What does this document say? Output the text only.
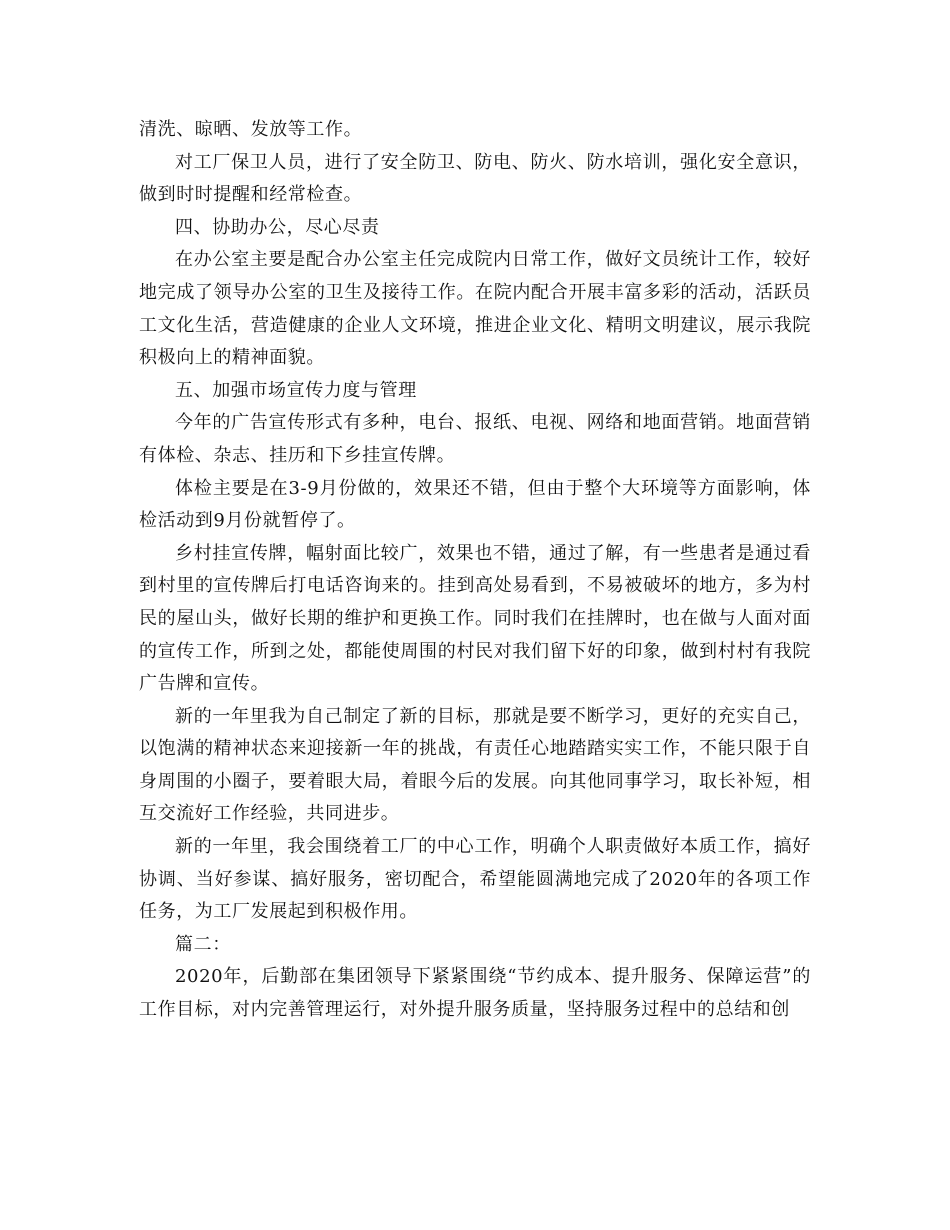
清洗、晾晒、发放等工作。

对工厂保卫人员，进行了安全防卫、防电、防火、防水培训，强化安全意识，做到时时提醒和经常检查。

四、协助办公，尽心尽责

在办公室主要是配合办公室主任完成院内日常工作，做好文员统计工作，较好地完成了领导办公室的卫生及接待工作。在院内配合开展丰富多彩的活动，活跃员工文化生活，营造健康的企业人文环境，推进企业文化、精明文明建议，展示我院积极向上的精神面貌。

五、加强市场宣传力度与管理

今年的广告宣传形式有多种，电台、报纸、电视、网络和地面营销。地面营销有体检、杂志、挂历和下乡挂宣传牌。

体检主要是在3-9月份做的，效果还不错，但由于整个大环境等方面影响，体检活动到9月份就暂停了。

乡村挂宣传牌，幅射面比较广，效果也不错，通过了解，有一些患者是通过看到村里的宣传牌后打电话咨询来的。挂到高处易看到，不易被破坏的地方，多为村民的屋山头，做好长期的维护和更换工作。同时我们在挂牌时，也在做与人面对面的宣传工作，所到之处，都能使周围的村民对我们留下好的印象，做到村村有我院广告牌和宣传。

新的一年里我为自己制定了新的目标，那就是要不断学习，更好的充实自己，以饱满的精神状态来迎接新一年的挑战，有责任心地踏踏实实工作，不能只限于自身周围的小圈子，要着眼大局，着眼今后的发展。向其他同事学习，取长补短，相互交流好工作经验，共同进步。

新的一年里，我会围绕着工厂的中心工作，明确个人职责做好本质工作，搞好协调、当好参谋、搞好服务，密切配合，希望能圆满地完成了2020年的各项工作任务，为工厂发展起到积极作用。

篇二：

2020年，后勤部在集团领导下紧紧围绕“节约成本、提升服务、保障运营”的工作目标，对内完善管理运行，对外提升服务质量，坚持服务过程中的总结和创
